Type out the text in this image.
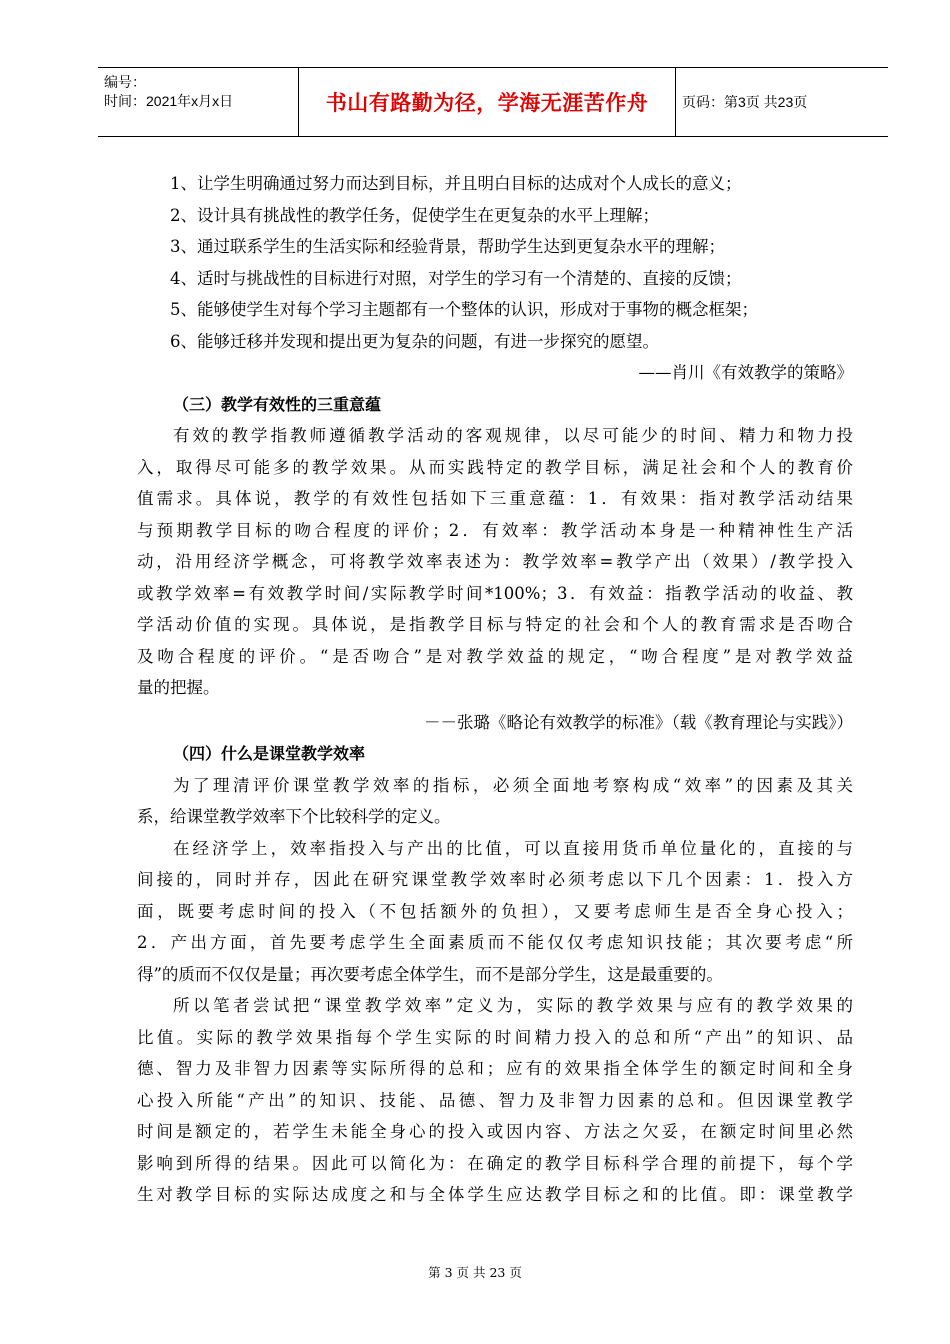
编号：
时间：2021年x月x日	书山有路勤为径，学海无涯苦作舟	页码：第3页 共23页
1、让学生明确通过努力而达到目标，并且明白目标的达成对个人成长的意义；
2、设计具有挑战性的教学任务，促使学生在更复杂的水平上理解；
3、通过联系学生的生活实际和经验背景，帮助学生达到更复杂水平的理解；
4、适时与挑战性的目标进行对照，对学生的学习有一个清楚的、直接的反馈；
5、能够使学生对每个学习主题都有一个整体的认识，形成对于事物的概念框架；
6、能够迁移并发现和提出更为复杂的问题，有进一步探究的愿望。
——肖川《有效教学的策略》
（三）教学有效性的三重意蕴
有效的教学指教师遵循教学活动的客观规律，以尽可能少的时间、精力和物力投
入，取得尽可能多的教学效果。从而实践特定的教学目标，满足社会和个人的教育价
值需求。具体说，教学的有效性包括如下三重意蕴：1．有效果：指对教学活动结果
与预期教学目标的吻合程度的评价；2．有效率：教学活动本身是一种精神性生产活
动，沿用经济学概念，可将教学效率表述为：教学效率=教学产出（效果）/教学投入
或教学效率=有效教学时间/实际教学时间*100%；3．有效益：指教学活动的收益、教
学活动价值的实现。具体说，是指教学目标与特定的社会和个人的教育需求是否吻合
及吻合程度的评价。“是否吻合”是对教学效益的规定，“吻合程度”是对教学效益
量的把握。
－－张璐《略论有效教学的标准》（载《教育理论与实践》）
（四）什么是课堂教学效率
为了理清评价课堂教学效率的指标，必须全面地考察构成“效率”的因素及其关
系，给课堂教学效率下个比较科学的定义。
在经济学上，效率指投入与产出的比值，可以直接用货币单位量化的，直接的与
间接的，同时并存，因此在研究课堂教学效率时必须考虑以下几个因素：1．投入方
面，既要考虑时间的投入（不包括额外的负担），又要考虑师生是否全身心投入；
2．产出方面，首先要考虑学生全面素质而不能仅仅考虑知识技能；其次要考虑“所
得”的质而不仅仅是量；再次要考虑全体学生，而不是部分学生，这是最重要的。
所以笔者尝试把“课堂教学效率”定义为，实际的教学效果与应有的教学效果的
比值。实际的教学效果指每个学生实际的时间精力投入的总和所“产出”的知识、品
德、智力及非智力因素等实际所得的总和；应有的效果指全体学生的额定时间和全身
心投入所能“产出”的知识、技能、品德、智力及非智力因素的总和。但因课堂教学
时间是额定的，若学生未能全身心的投入或因内容、方法之欠妥，在额定时间里必然
影响到所得的结果。因此可以简化为：在确定的教学目标科学合理的前提下，每个学
生对教学目标的实际达成度之和与全体学生应达教学目标之和的比值。即：课堂教学
第 3 页 共 23 页
